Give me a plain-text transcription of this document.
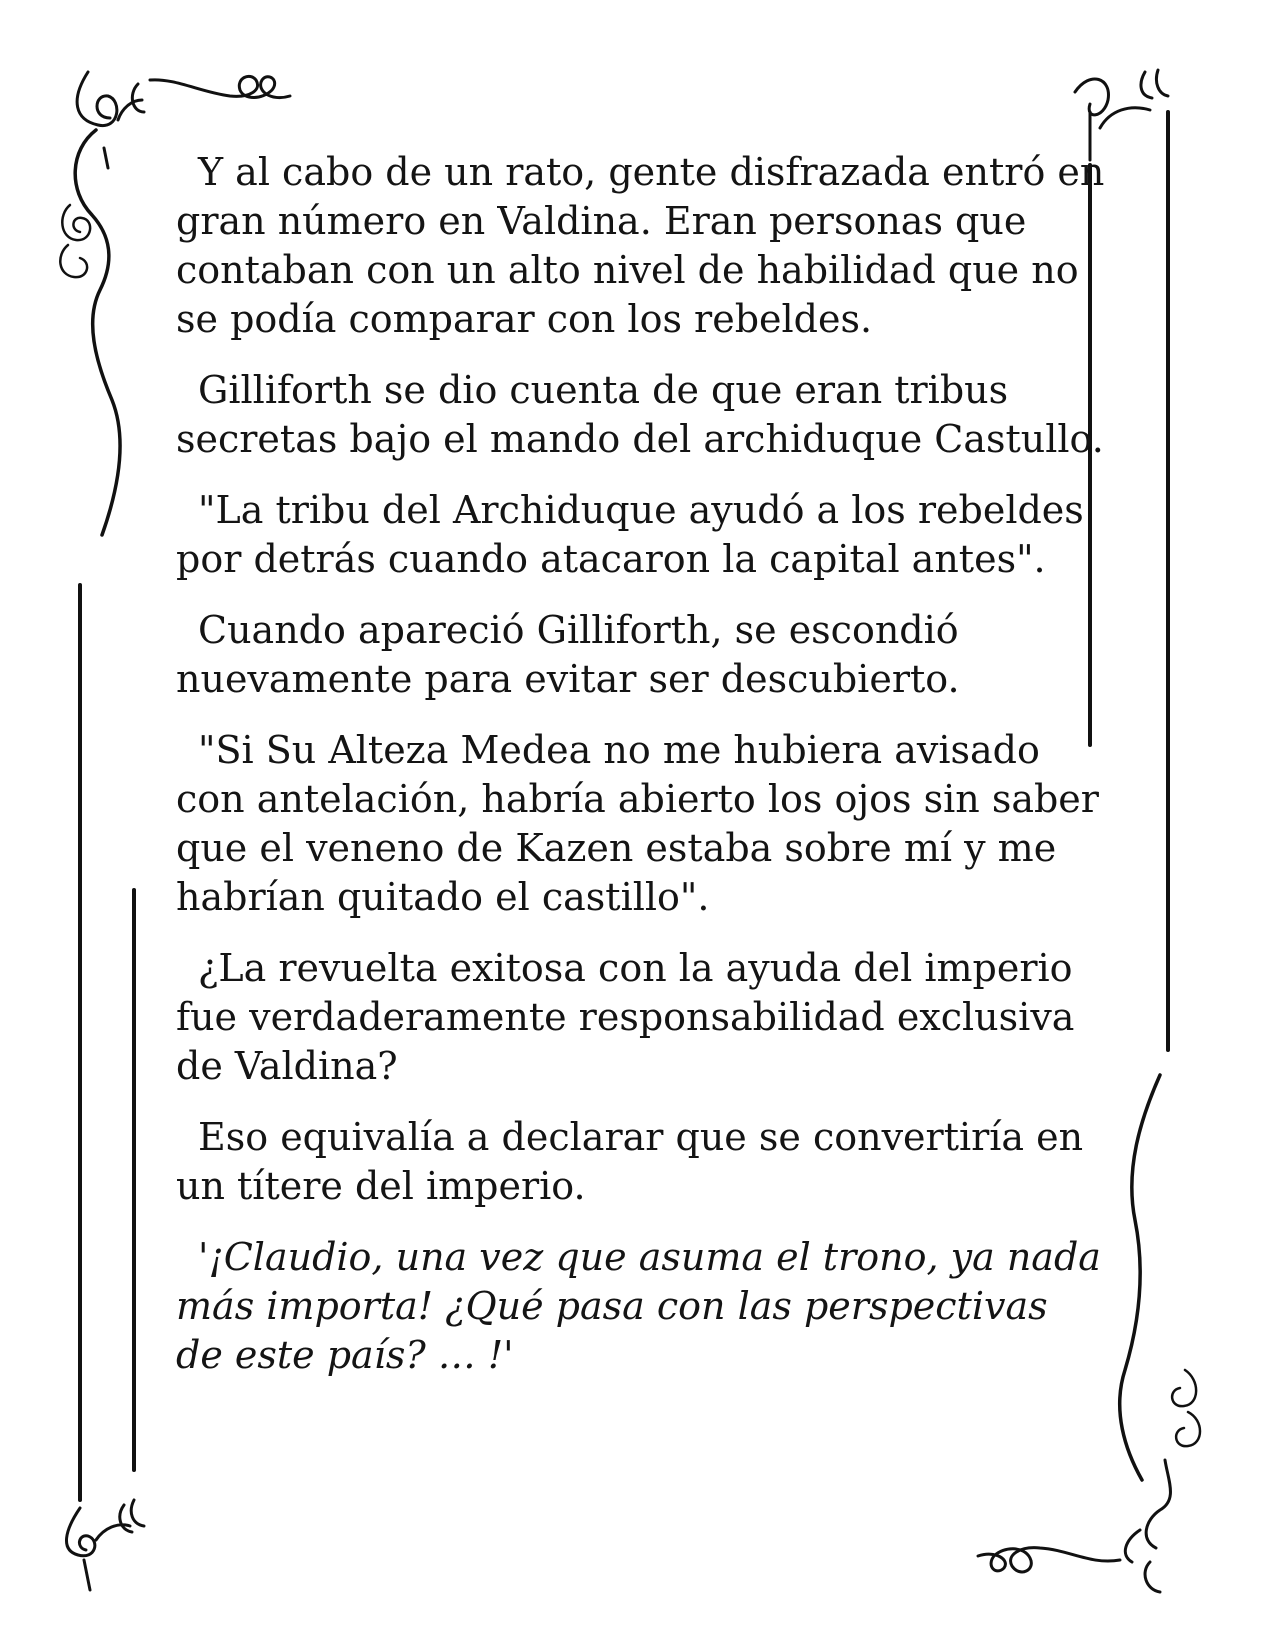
Y al cabo de un rato, gente disfrazada entró en gran número en Valdina. Eran personas que contaban con un alto nivel de habilidad que no se podía comparar con los rebeldes.

Gilliforth se dio cuenta de que eran tribus secretas bajo el mando del archiduque Castullo.

"La tribu del Archiduque ayudó a los rebeldes por detrás cuando atacaron la capital antes".

Cuando apareció Gilliforth, se escondió nuevamente para evitar ser descubierto.

"Si Su Alteza Medea no me hubiera avisado con antelación, habría abierto los ojos sin saber que el veneno de Kazen estaba sobre mí y me habrían quitado el castillo".

¿La revuelta exitosa con la ayuda del imperio fue verdaderamente responsabilidad exclusiva de Valdina?

Eso equivalía a declarar que se convertiría en un títere del imperio.

'¡Claudio, una vez que asuma el trono, ya nada más importa! ¿Qué pasa con las perspectivas de este país? … !'
